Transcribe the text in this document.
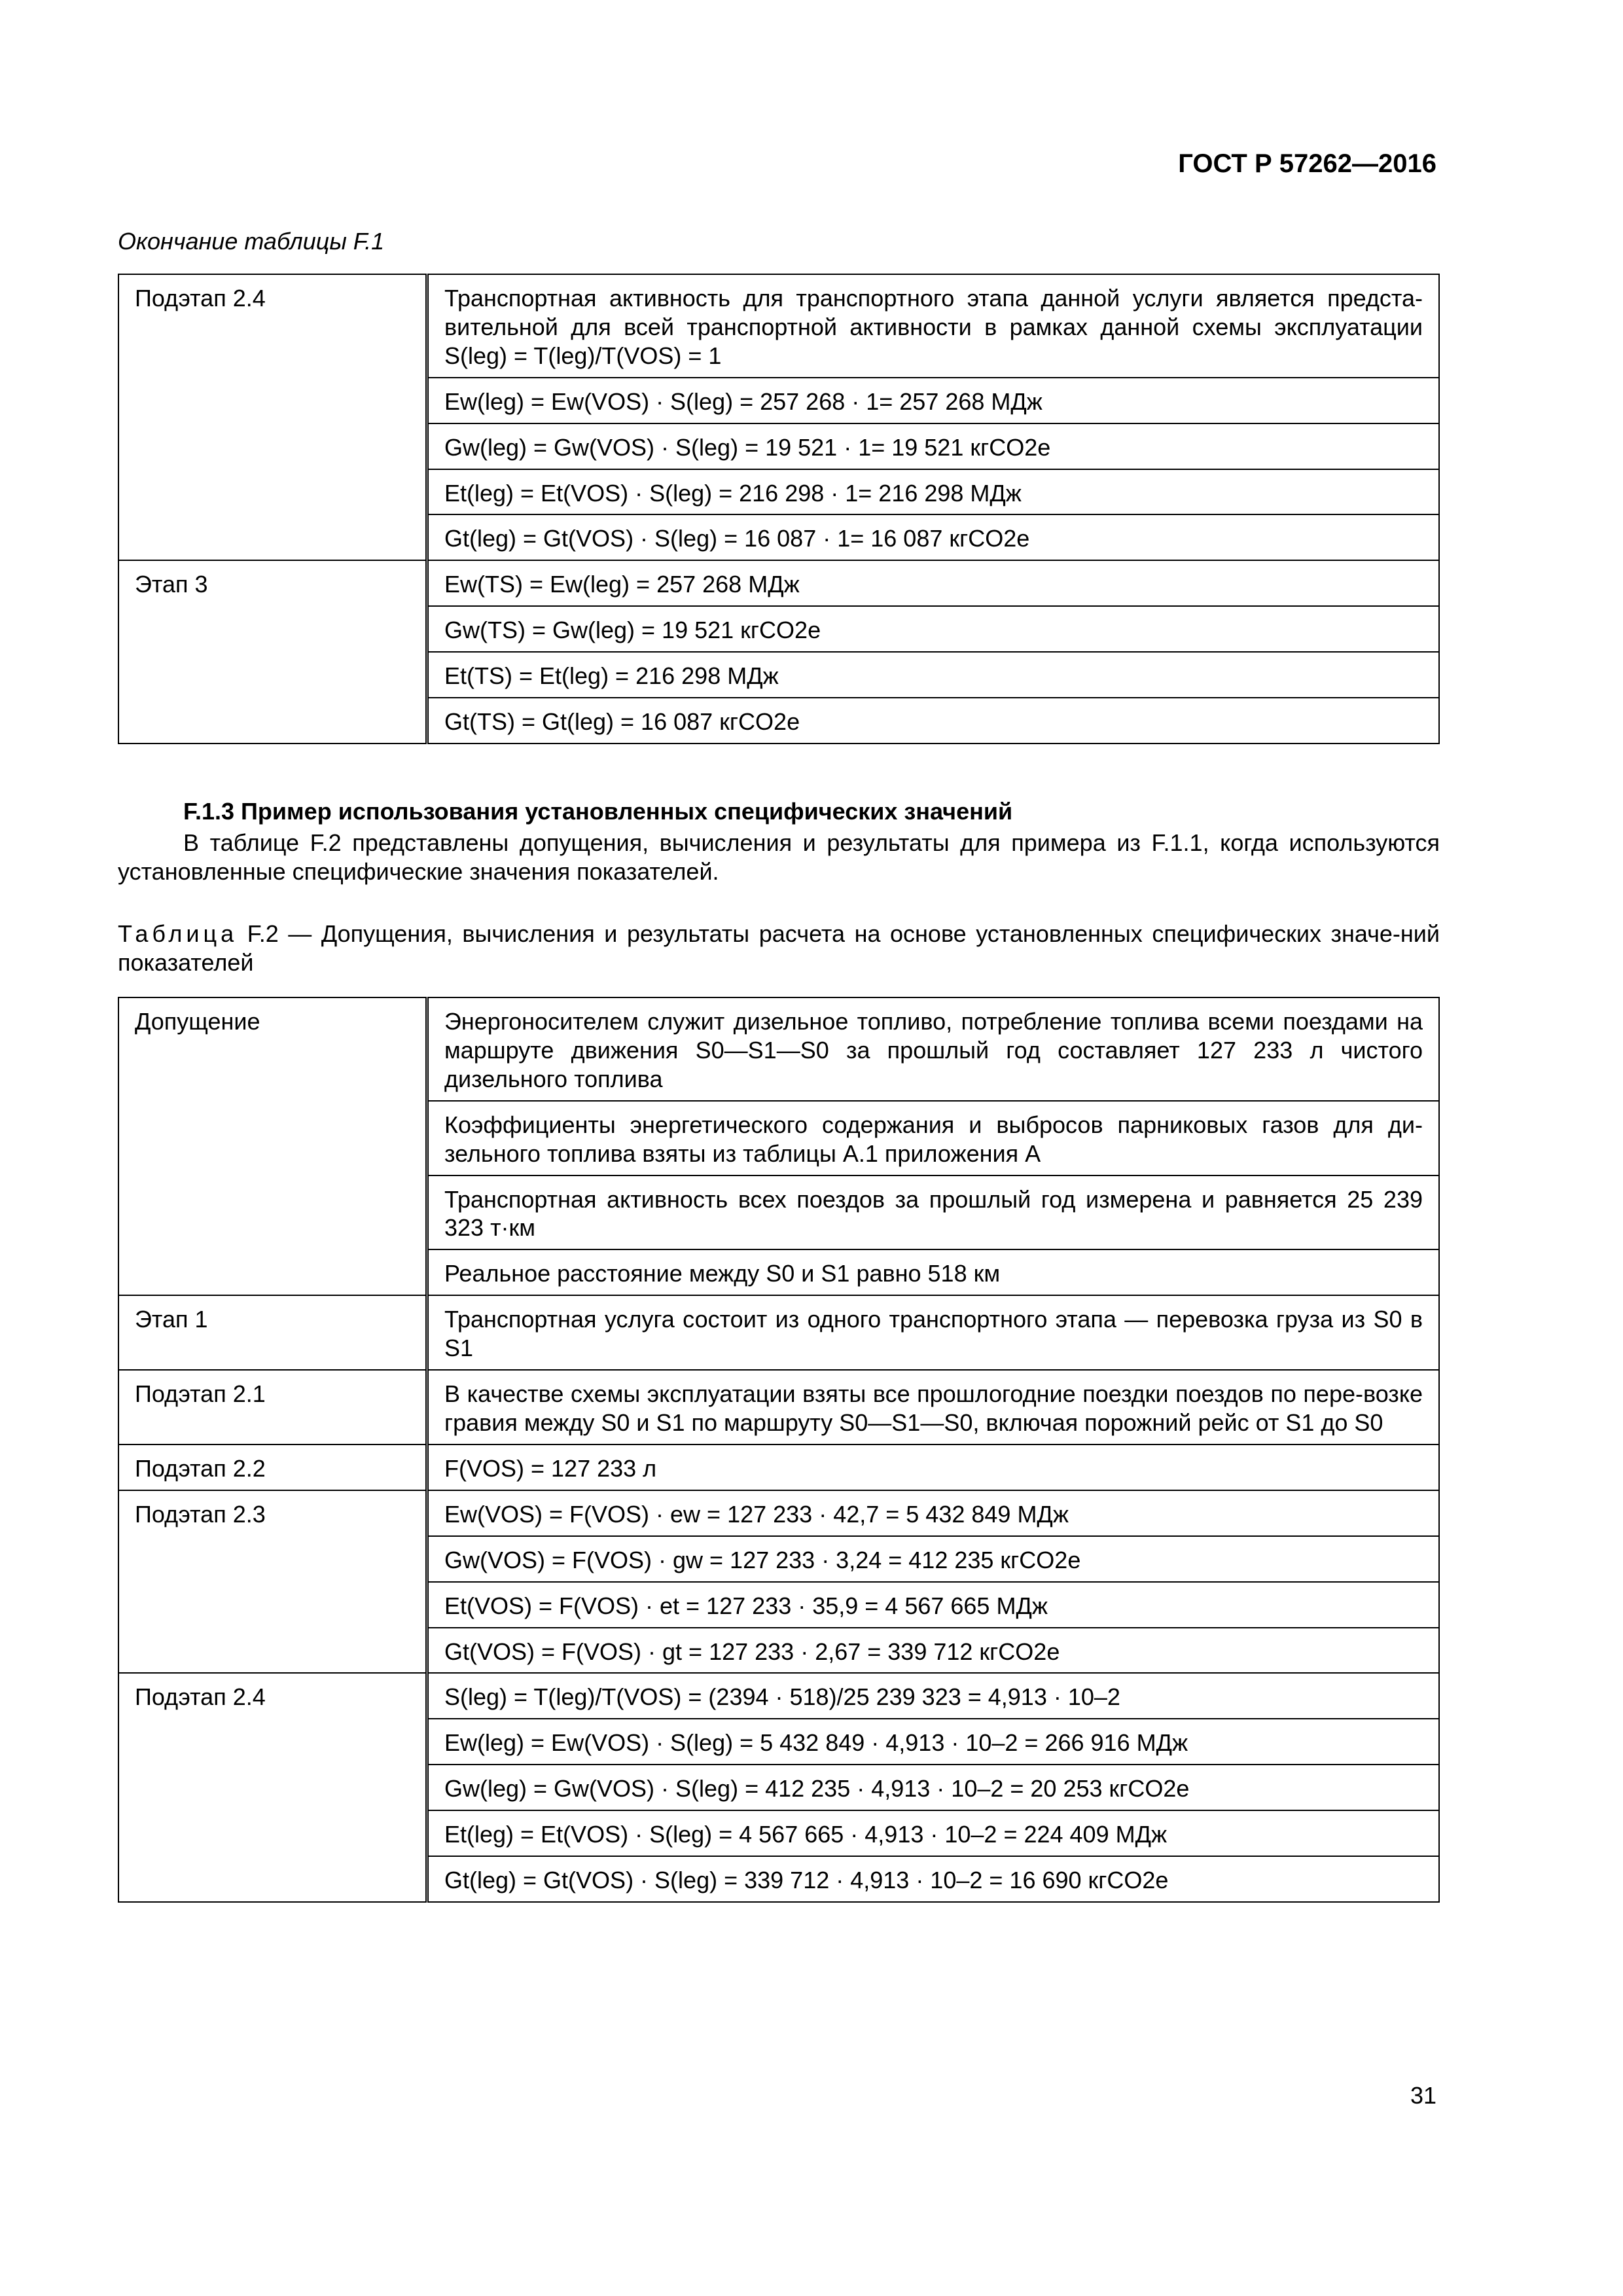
ГОСТ Р 57262—2016
Окончание таблицы F.1
Подэтап 2.4	Транспортная активность для транспортного этапа данной услуги является предста-вительной для всей транспортной активности в рамках данной схемы эксплуатации S(leg) = T(leg)/T(VOS) = 1
	Ew(leg) = Ew(VOS) · S(leg) = 257 268 · 1= 257 268 МДж
	Gw(leg) = Gw(VOS) · S(leg) = 19 521 · 1= 19 521 кгCO2e
	Et(leg) = Et(VOS) · S(leg) = 216 298 · 1= 216 298 МДж
	Gt(leg) = Gt(VOS) · S(leg) = 16 087 · 1= 16 087 кгCO2e
Этап 3	Ew(TS) = Ew(leg) = 257 268 МДж
	Gw(TS) = Gw(leg) = 19 521 кгCO2e
	Et(TS) = Et(leg) = 216 298 МДж
	Gt(TS) = Gt(leg) = 16 087 кгCO2e
F.1.3 Пример использования установленных специфических значений
В таблице F.2 представлены допущения, вычисления и результаты для примера из F.1.1, когда используются установленные специфические значения показателей.
Таблица F.2 — Допущения, вычисления и результаты расчета на основе установленных специфических значе-ний показателей
Допущение	Энергоносителем служит дизельное топливо, потребление топлива всеми поездами на маршруте движения S0—S1—S0 за прошлый год составляет 127 233 л чистого дизельного топлива
	Коэффициенты энергетического содержания и выбросов парниковых газов для ди-зельного топлива взяты из таблицы А.1 приложения А
	Транспортная активность всех поездов за прошлый год измерена и равняется 25 239 323 т·км
	Реальное расстояние между S0 и S1 равно 518 км
Этап 1	Транспортная услуга состоит из одного транспортного этапа — перевозка груза из S0 в S1
Подэтап 2.1	В качестве схемы эксплуатации взяты все прошлогодние поездки поездов по пере-возке гравия между S0 и S1 по маршруту S0—S1—S0, включая порожний рейс от S1 до S0
Подэтап 2.2	F(VOS) = 127 233 л
Подэтап 2.3	Ew(VOS) = F(VOS) · ew = 127 233 · 42,7 = 5 432 849 МДж
	Gw(VOS) = F(VOS) · gw = 127 233 · 3,24 = 412 235 кгCO2e
	Et(VOS) = F(VOS) · et = 127 233 · 35,9 = 4 567 665 МДж
	Gt(VOS) = F(VOS) · gt = 127 233 · 2,67 = 339 712 кгCO2e
Подэтап 2.4	S(leg) = T(leg)/T(VOS) = (2394 · 518)/25 239 323 = 4,913 · 10–2
	Ew(leg) = Ew(VOS) · S(leg) = 5 432 849 · 4,913 · 10–2 = 266 916 МДж
	Gw(leg) = Gw(VOS) · S(leg) = 412 235 · 4,913 · 10–2 = 20 253 кгCO2e
	Et(leg) = Et(VOS) · S(leg) = 4 567 665 · 4,913 · 10–2 = 224 409 МДж
	Gt(leg) = Gt(VOS) · S(leg) = 339 712 · 4,913 · 10–2 = 16 690 кгCO2e
31
